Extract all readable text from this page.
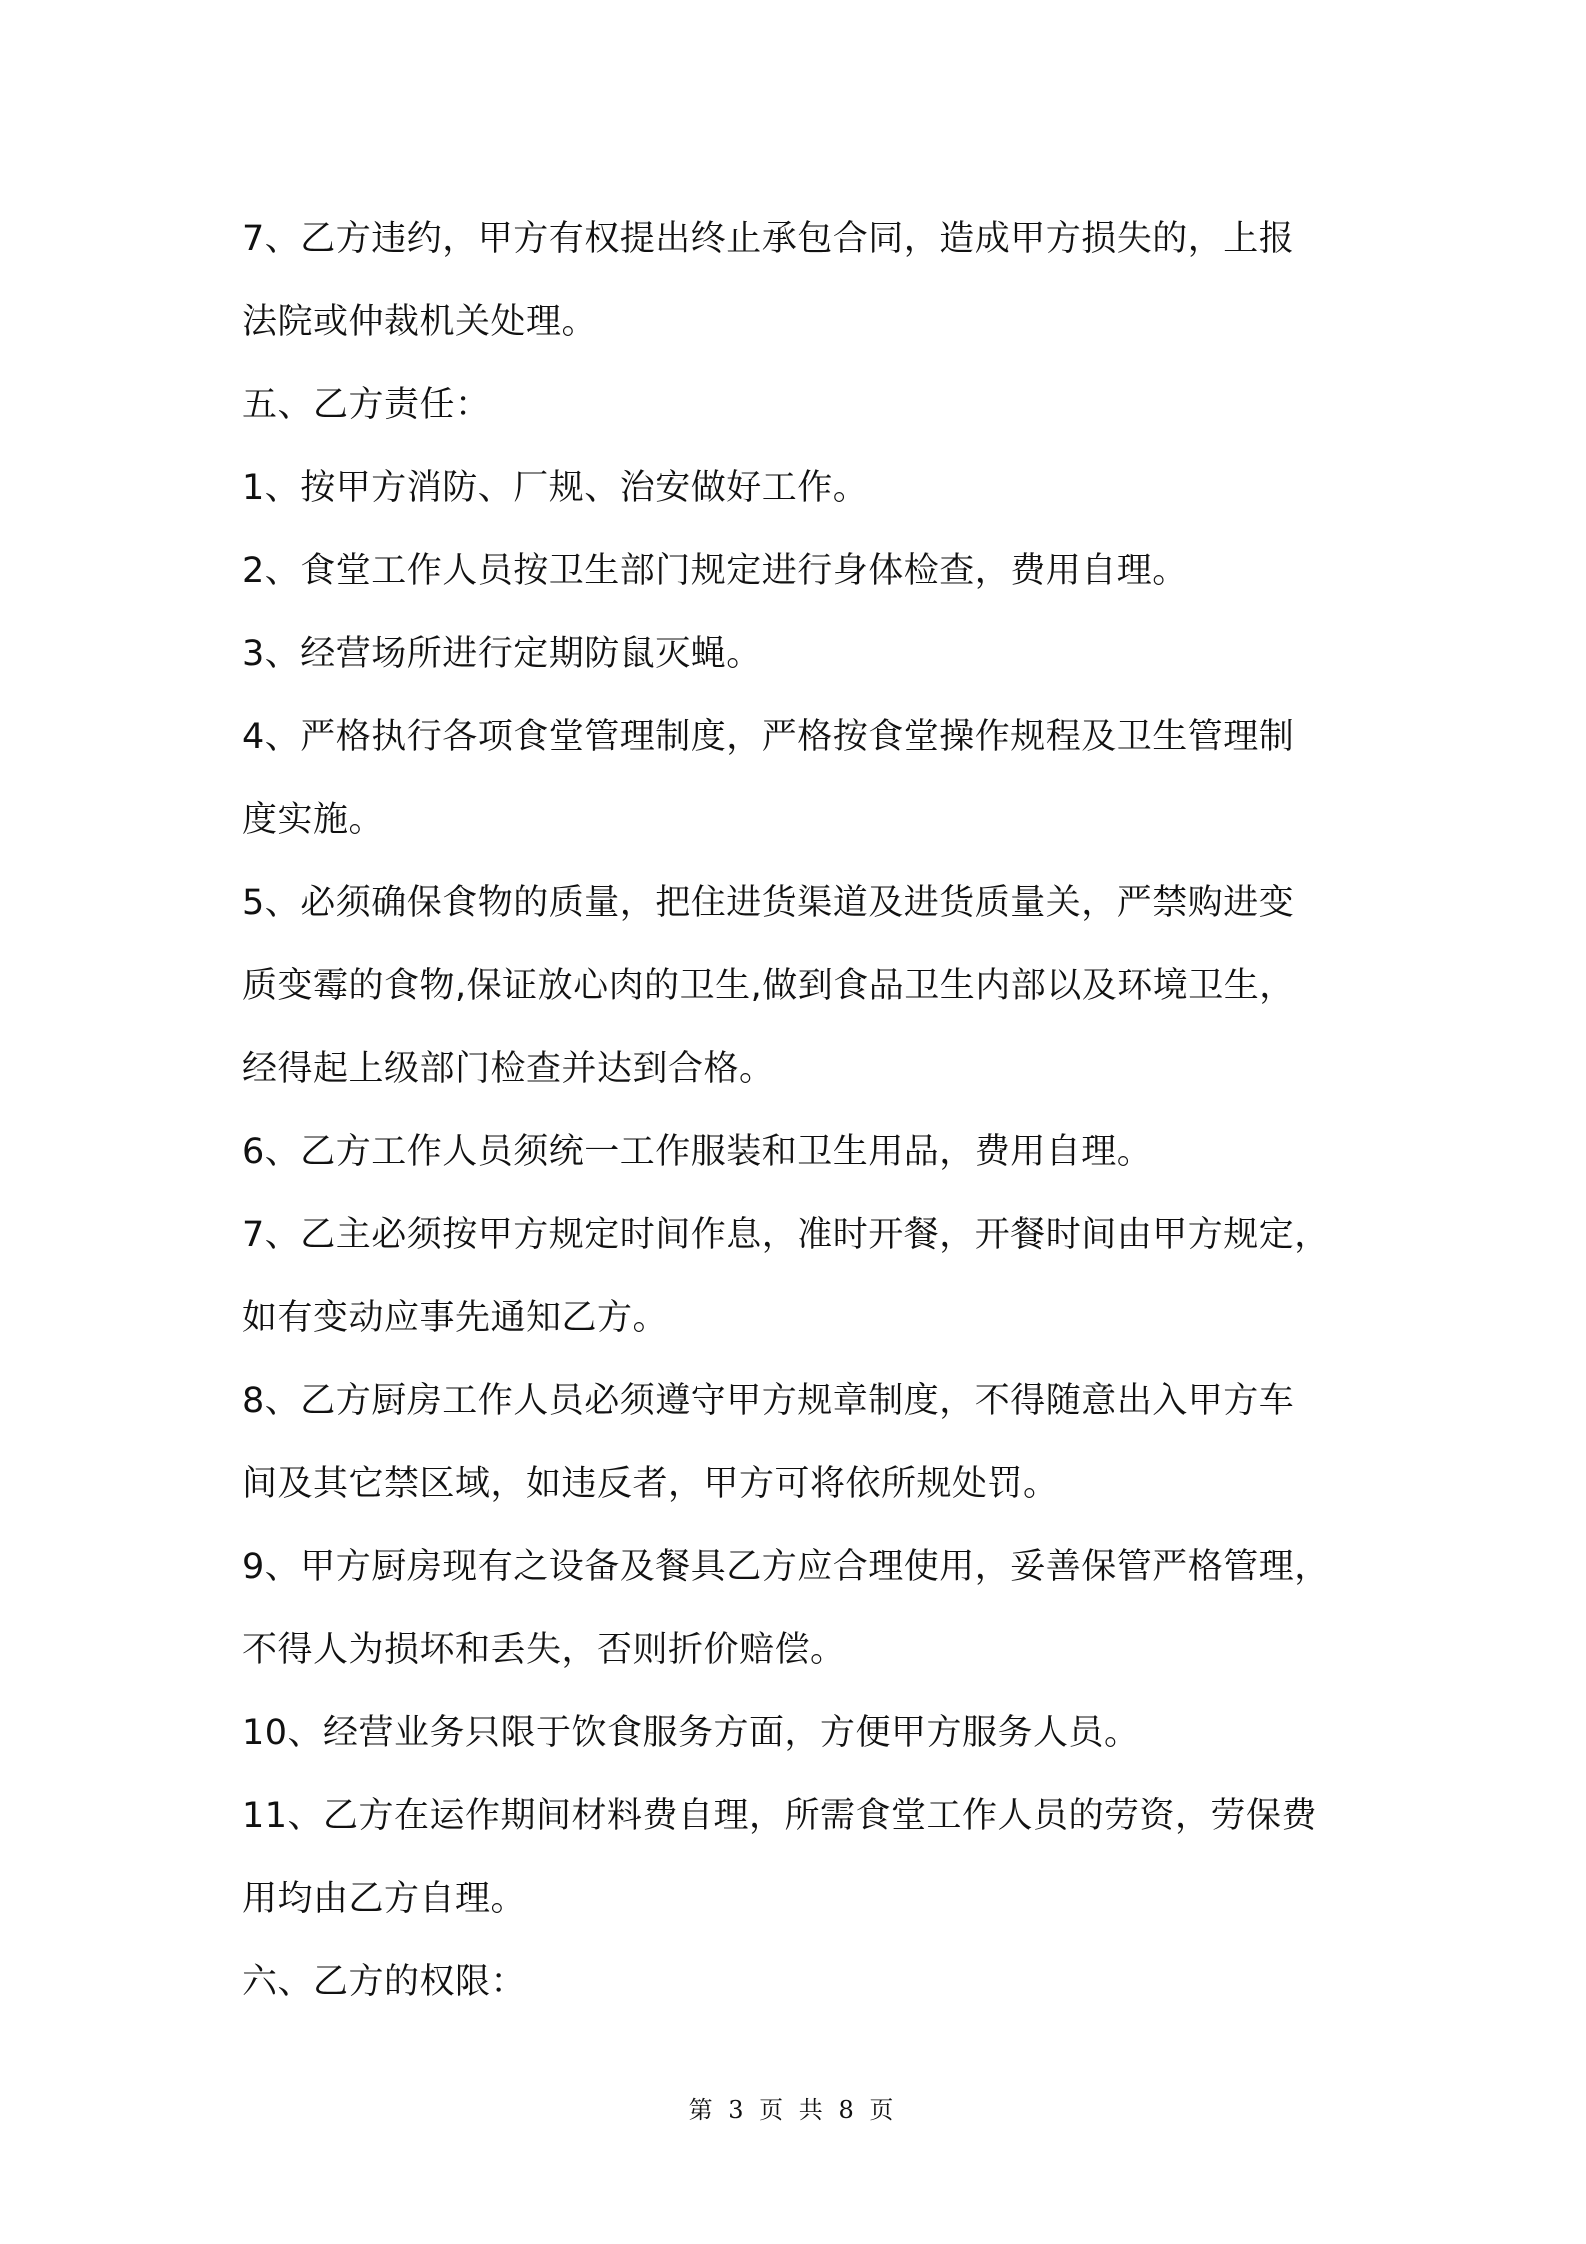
7、乙方违约，甲方有权提出终止承包合同，造成甲方损失的，上报

法院或仲裁机关处理。

五、乙方责任：

1、按甲方消防、厂规、治安做好工作。

2、食堂工作人员按卫生部门规定进行身体检查，费用自理。

3、经营场所进行定期防鼠灭蝇。

4、严格执行各项食堂管理制度，严格按食堂操作规程及卫生管理制

度实施。

5、必须确保食物的质量，把住进货渠道及进货质量关，严禁购进变

质变霉的食物,保证放心肉的卫生,做到食品卫生内部以及环境卫生，

经得起上级部门检查并达到合格。

6、乙方工作人员须统一工作服装和卫生用品，费用自理。

7、乙主必须按甲方规定时间作息，准时开餐，开餐时间由甲方规定，

如有变动应事先通知乙方。

8、乙方厨房工作人员必须遵守甲方规章制度，不得随意出入甲方车

间及其它禁区域，如违反者，甲方可将依所规处罚。

9、甲方厨房现有之设备及餐具乙方应合理使用，妥善保管严格管理，

不得人为损坏和丢失，否则折价赔偿。

10、经营业务只限于饮食服务方面，方便甲方服务人员。

11、乙方在运作期间材料费自理，所需食堂工作人员的劳资，劳保费

用均由乙方自理。

六、乙方的权限：

第 3 页 共 8 页
